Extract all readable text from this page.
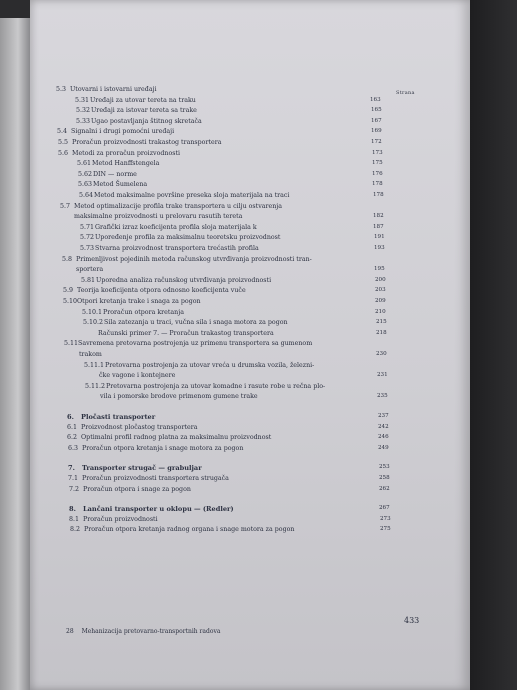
Strana
5.3 Utovarni i istovarni uređaji
5.31 Uređaji za utovar tereta na traku	163
5.32 Uređaji za istovar tereta sa trake	165
5.33 Ugao postavljanja štitnog skretača	167
5.4 Signalni i drugi pomoćni uređaji	169
5.5 Proračun proizvodnosti trakastog transportera	172
5.6 Metodi za proračun proizvodnosti	173
5.61 Metod Hanffstengela	175
5.62 DIN — norme	176
5.63 Metod Šumelena	178
5.64 Metod maksimalne površine preseka sloja materijala na traci	178
5.7 Metod optimalizacije profila trake transportera u cilju ostvarenja
maksimalne proizvodnosti u prelovaru rasutih tereta	182
5.71 Grafički izraz koeficijenta profila sloja materijala k	187
5.72 Upoređenje profila za maksimalnu teoretsku proizvodnost	191
5.73 Stvarna proizvodnost transportera trećastih profila	193
5.8 Primenljivost pojedinih metoda računskog utvrđivanja proizvodnosti tran-
sportera	195
5.81 Uporedna analiza računskog utvrđivanja proizvodnosti	200
5.9 Teorija koeficijenta otpora odnosno koeficijenta vuče	203
5.10 Otpori kretanja trake i snaga za pogon	209
5.10.1 Proračun otpora kretanja	210
5.10.2 Sila zatezanja u traci, vučna sila i snaga motora za pogon	215
Računski primer 7. — Proračun trakastog transportera	218
5.11 Savremena pretovarna postrojenja uz primenu transportera sa gumenom
trakom	230
5.11.1 Pretovarna postrojenja za utovar vreća u drumska vozila, železni-
čke vagone i kontejnere	231
5.11.2 Pretovarna postrojenja za utovar komadne i rasute robe u rečna plo-
vila i pomorske brodove primenom gumene trake	235
6. Pločasti transporter	237
6.1 Proizvodnost pločastog transportera	242
6.2 Optimalni profil radnog platna za maksimalnu proizvodnost	246
6.3 Proračun otpora kretanja i snage motora za pogon	249
7. Transporter strugač — grabuljar	253
7.1 Proračun proizvodnosti transportera strugača	258
7.2 Proračun otpora i snage za pogon	262
8. Lančani transporter u oklopu — (Redler)	267
8.1 Proračun proizvodnosti	273
8.2 Proračun otpora kretanja radnog organa i snage motora za pogon	275
433
28 Mehanizacija pretovarno-transportnih radova
